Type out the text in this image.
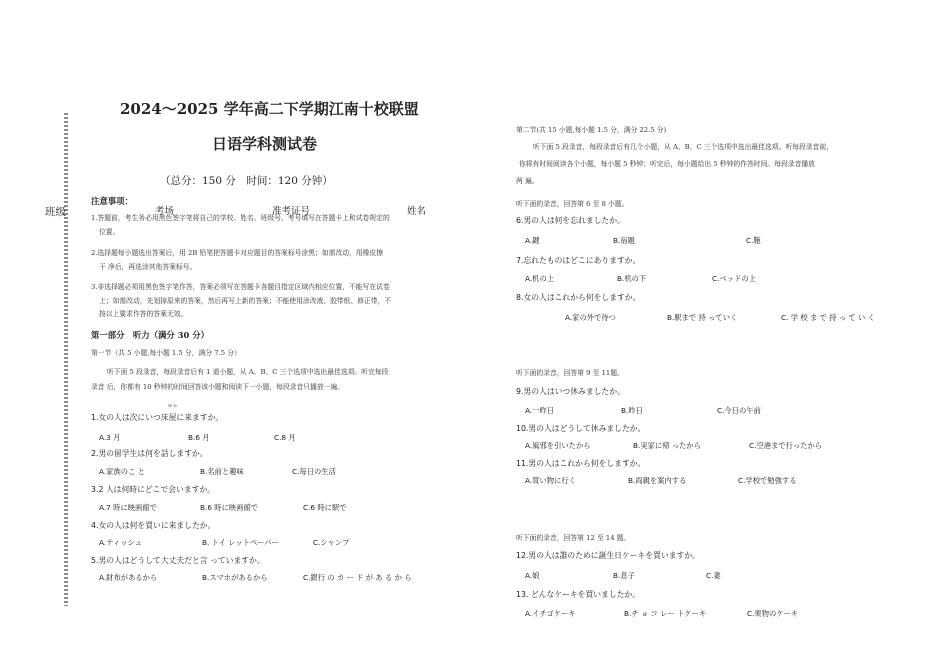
班级	考场	准考证号	姓名
2024～2025 学年高二下学期江南十校联盟
日语学科测试卷
（总分：150 分　时间：120 分钟）
注意事项：
1.答题前，考生务必用黑色签字笔将自己的学校、姓名、班级号、考号填写在答题卡上和试卷规定的
位置。
2.选择题每小题选出答案后，用 2B 铅笔把答题卡对应题目的答案标号涂黑；如需改动，用橡皮擦
干 净后，再选涂其他答案标号。
3.非选择题必须用黑色签字笔作答，答案必须写在答题卡各题目指定区域内相应位置，不能写在试卷
上；如需改动，先划掉原来的答案，然后再写上新的答案；不能使用涂改液、胶带纸、修正带，不
按以上要求作答的答案无效。
第一部分　听力（满分 30 分）
第一节（共 5 小题,每小题 1.5 分，满分 7.5 分）
听下面 5 段录音，每段录音后有 1 道小题，从 A、B、C 三个选项中选出最佳选项。听完每段
录音 后，你都有 10 秒钟的时间回答该小题和阅读下一小题，每段录音只播放一遍。
ゆ か
1.女の人は次にいつ床屋に来ますか。
A.3 月	B.6 月	C.8 月
2.男の留学生は何を話しますか。
A.家族のこ と	B.名前と趣味	C.毎日の生活
3.2 人は何時にどこで会いますか。
A.7 時に映画館で	B.6 時に映画館で	C.6 時に駅で
4.女の人は何を買いに来ましたか。
A.ティッシュ	B. トイ レットペーパー	C.シャンプ
5.男の人はどうして大丈夫だと言 っていますか。
A.財布があるから	B.スマホがあるから	C.銀行 の カ ー ド が あ る か ら
第二节(共 15 小题,每小题 1.5 分，满分 22.5 分)
听下面 5 段录音，每段录音后有几个小题，从 A、B、C 三个选项中选出最佳选项。听每段录音前，
你将有时间阅读各个小题，每小题 5 秒钟；听完后，每小题给出 5 秒钟的作答时间。每段录音播放
两 遍。
听下面的录音，回答第 6 至 8 小题。
6.男の人は何を忘れましたか。
A.鍵	B.宿題	C.鞄
7.忘れたものはどこにありますか。
A.机の上	B.机の下	C.ベッドの上
8.女の人はこれから何をしますか。
A.家の外で待つ	B.駅まで 持 っていく	C. 学 校 ま で 持 っ て い く
听下面的录音，回答第 9 至 11题。
9.男の人はいつ休みましたか。
A.一昨日	B.昨日	C.今日の午前
10.男の人はどうして休みましたか。
A.風邪を引いたから	B.実家に帰 ったから	C.空港まで行ったから
11.男の人はこれから何をしますか。
A.買い物に行く	B.両親を案内する	C.学校で勉強する
听下面的录音，回答第 12 至 14 题。
12.男の人は誰のために誕生日ケーキを買いますか。
A.娘	B.息子	C.妻
13. どんなケーキを買いましたか。
A.イチゴケーキ	B.チ ョ コ レー トケーキ	C.果物のケーキ
